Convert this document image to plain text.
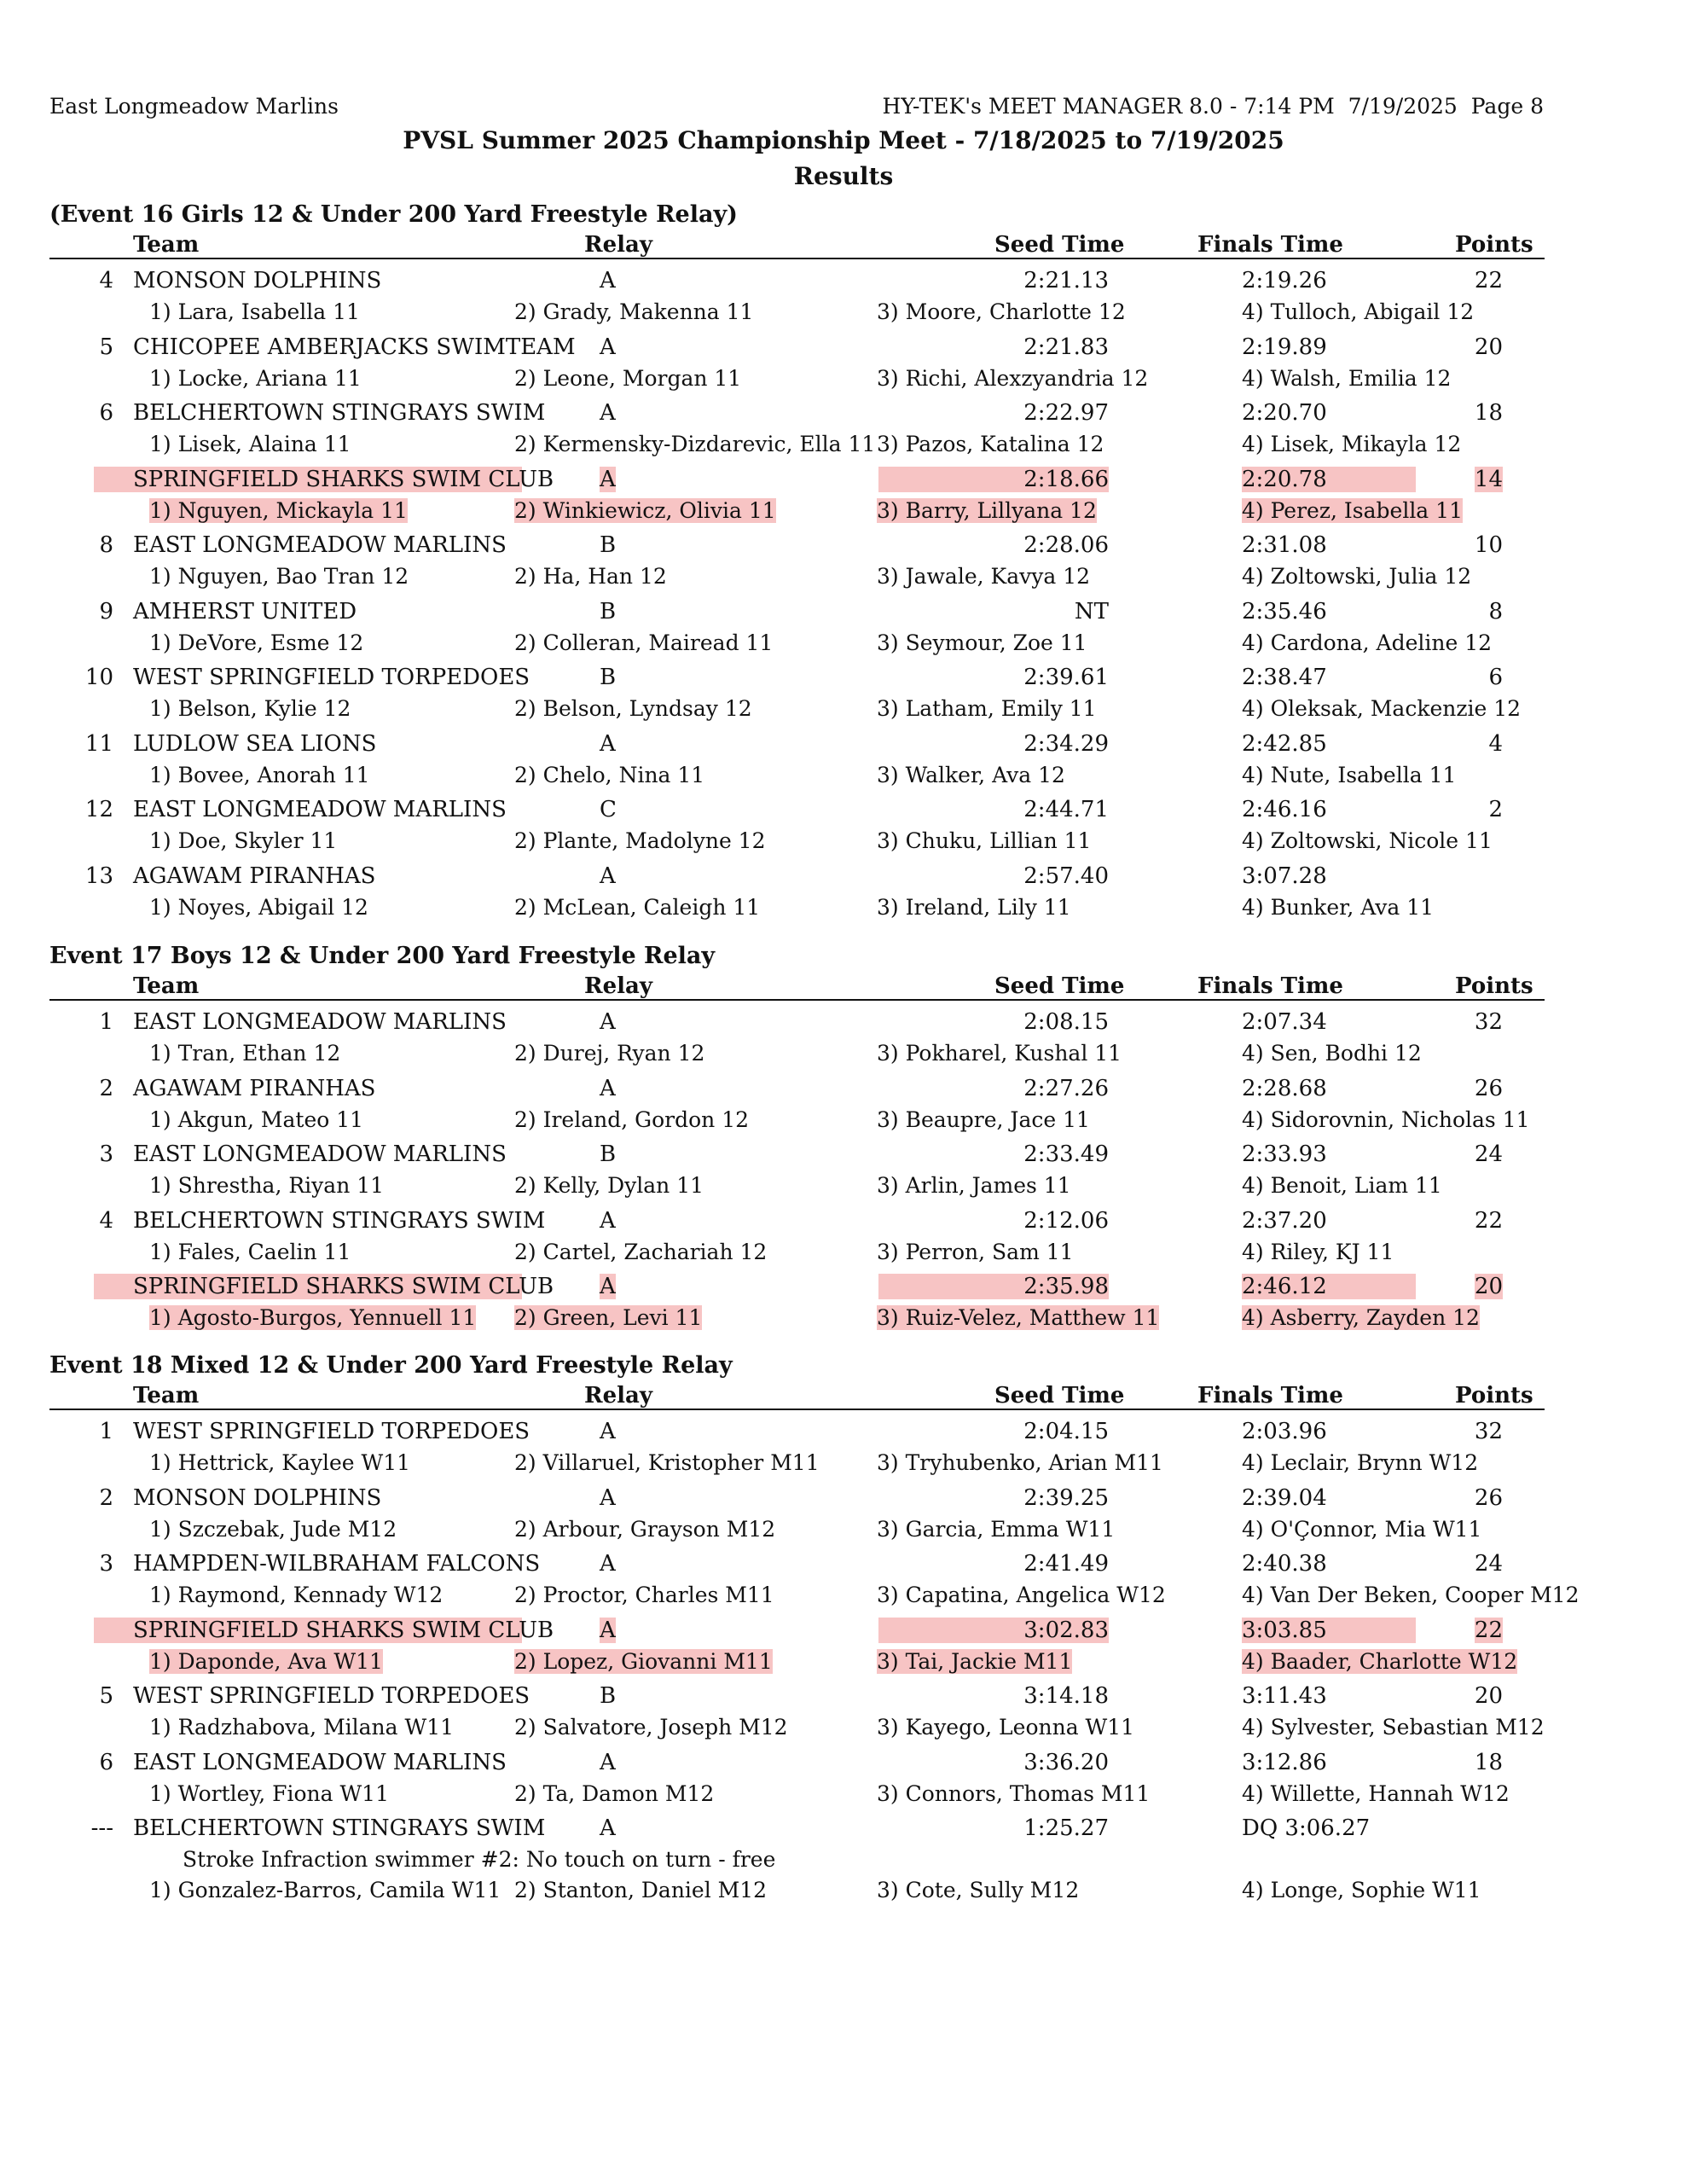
East Longmeadow Marlins	HY-TEK's MEET MANAGER 8.0 - 7:14 PM  7/19/2025  Page 8
PVSL Summer 2025 Championship Meet - 7/18/2025 to 7/19/2025
Results
(Event 16 Girls 12 & Under 200 Yard Freestyle Relay)
Team	Relay	Seed Time	Finals Time	Points
4 MONSON DOLPHINS	A	2:21.13	2:19.26	22
1) Lara, Isabella 11	2) Grady, Makenna 11	3) Moore, Charlotte 12	4) Tulloch, Abigail 12
5 CHICOPEE AMBERJACKS SWIMTEAM A	2:21.83	2:19.89	20
1) Locke, Ariana 11	2) Leone, Morgan 11	3) Richi, Alexzyandria 12	4) Walsh, Emilia 12
6 BELCHERTOWN STINGRAYS SWIM A	2:22.97	2:20.70	18
1) Lisek, Alaina 11	2) Kermensky-Dizdarevic, Ella 11 3) Pazos, Katalina 12	4) Lisek, Mikayla 12
SPRINGFIELD SHARKS SWIM CLUB A	2:18.66	2:20.78	14
1) Nguyen, Mickayla 11	2) Winkiewicz, Olivia 11	3) Barry, Lillyana 12	4) Perez, Isabella 11
8 EAST LONGMEADOW MARLINS	B	2:28.06	2:31.08	10
1) Nguyen, Bao Tran 12	2) Ha, Han 12	3) Jawale, Kavya 12	4) Zoltowski, Julia 12
9 AMHERST UNITED	B	NT	2:35.46	8
1) DeVore, Esme 12	2) Colleran, Mairead 11	3) Seymour, Zoe 11	4) Cardona, Adeline 12
10 WEST SPRINGFIELD TORPEDOES	B	2:39.61	2:38.47	6
1) Belson, Kylie 12	2) Belson, Lyndsay 12	3) Latham, Emily 11	4) Oleksak, Mackenzie 12
11 LUDLOW SEA LIONS	A	2:34.29	2:42.85	4
1) Bovee, Anorah 11	2) Chelo, Nina 11	3) Walker, Ava 12	4) Nute, Isabella 11
12 EAST LONGMEADOW MARLINS	C	2:44.71	2:46.16	2
1) Doe, Skyler 11	2) Plante, Madolyne 12	3) Chuku, Lillian 11	4) Zoltowski, Nicole 11
13 AGAWAM PIRANHAS	A	2:57.40	3:07.28
1) Noyes, Abigail 12	2) McLean, Caleigh 11	3) Ireland, Lily 11	4) Bunker, Ava 11
Event 17 Boys 12 & Under 200 Yard Freestyle Relay
Team	Relay	Seed Time	Finals Time	Points
1 EAST LONGMEADOW MARLINS	A	2:08.15	2:07.34	32
1) Tran, Ethan 12	2) Durej, Ryan 12	3) Pokharel, Kushal 11	4) Sen, Bodhi 12
2 AGAWAM PIRANHAS	A	2:27.26	2:28.68	26
1) Akgun, Mateo 11	2) Ireland, Gordon 12	3) Beaupre, Jace 11	4) Sidorovnin, Nicholas 11
3 EAST LONGMEADOW MARLINS	B	2:33.49	2:33.93	24
1) Shrestha, Riyan 11	2) Kelly, Dylan 11	3) Arlin, James 11	4) Benoit, Liam 11
4 BELCHERTOWN STINGRAYS SWIM A	2:12.06	2:37.20	22
1) Fales, Caelin 11	2) Cartel, Zachariah 12	3) Perron, Sam 11	4) Riley, KJ 11
SPRINGFIELD SHARKS SWIM CLUB A	2:35.98	2:46.12	20
1) Agosto-Burgos, Yennuell 11 2) Green, Levi 11	3) Ruiz-Velez, Matthew 11	4) Asberry, Zayden 12
Event 18 Mixed 12 & Under 200 Yard Freestyle Relay
Team	Relay	Seed Time	Finals Time	Points
1 WEST SPRINGFIELD TORPEDOES	A	2:04.15	2:03.96	32
1) Hettrick, Kaylee W11	2) Villaruel, Kristopher M11	3) Tryhubenko, Arian M11	4) Leclair, Brynn W12
2 MONSON DOLPHINS	A	2:39.25	2:39.04	26
1) Szczebak, Jude M12	2) Arbour, Grayson M12	3) Garcia, Emma W11	4) O'Çonnor, Mia W11
3 HAMPDEN-WILBRAHAM FALCONS	A	2:41.49	2:40.38	24
1) Raymond, Kennady W12	2) Proctor, Charles M11	3) Capatina, Angelica W12	4) Van Der Beken, Cooper M12
SPRINGFIELD SHARKS SWIM CLUB A	3:02.83	3:03.85	22
1) Daponde, Ava W11	2) Lopez, Giovanni M11	3) Tai, Jackie M11	4) Baader, Charlotte W12
5 WEST SPRINGFIELD TORPEDOES	B	3:14.18	3:11.43	20
1) Radzhabova, Milana W11	2) Salvatore, Joseph M12	3) Kayego, Leonna W11	4) Sylvester, Sebastian M12
6 EAST LONGMEADOW MARLINS	A	3:36.20	3:12.86	18
1) Wortley, Fiona W11	2) Ta, Damon M12	3) Connors, Thomas M11	4) Willette, Hannah W12
--- BELCHERTOWN STINGRAYS SWIM A	1:25.27	DQ 3:06.27
Stroke Infraction swimmer #2: No touch on turn - free
1) Gonzalez-Barros, Camila W11 2) Stanton, Daniel M12	3) Cote, Sully M12	4) Longe, Sophie W11
